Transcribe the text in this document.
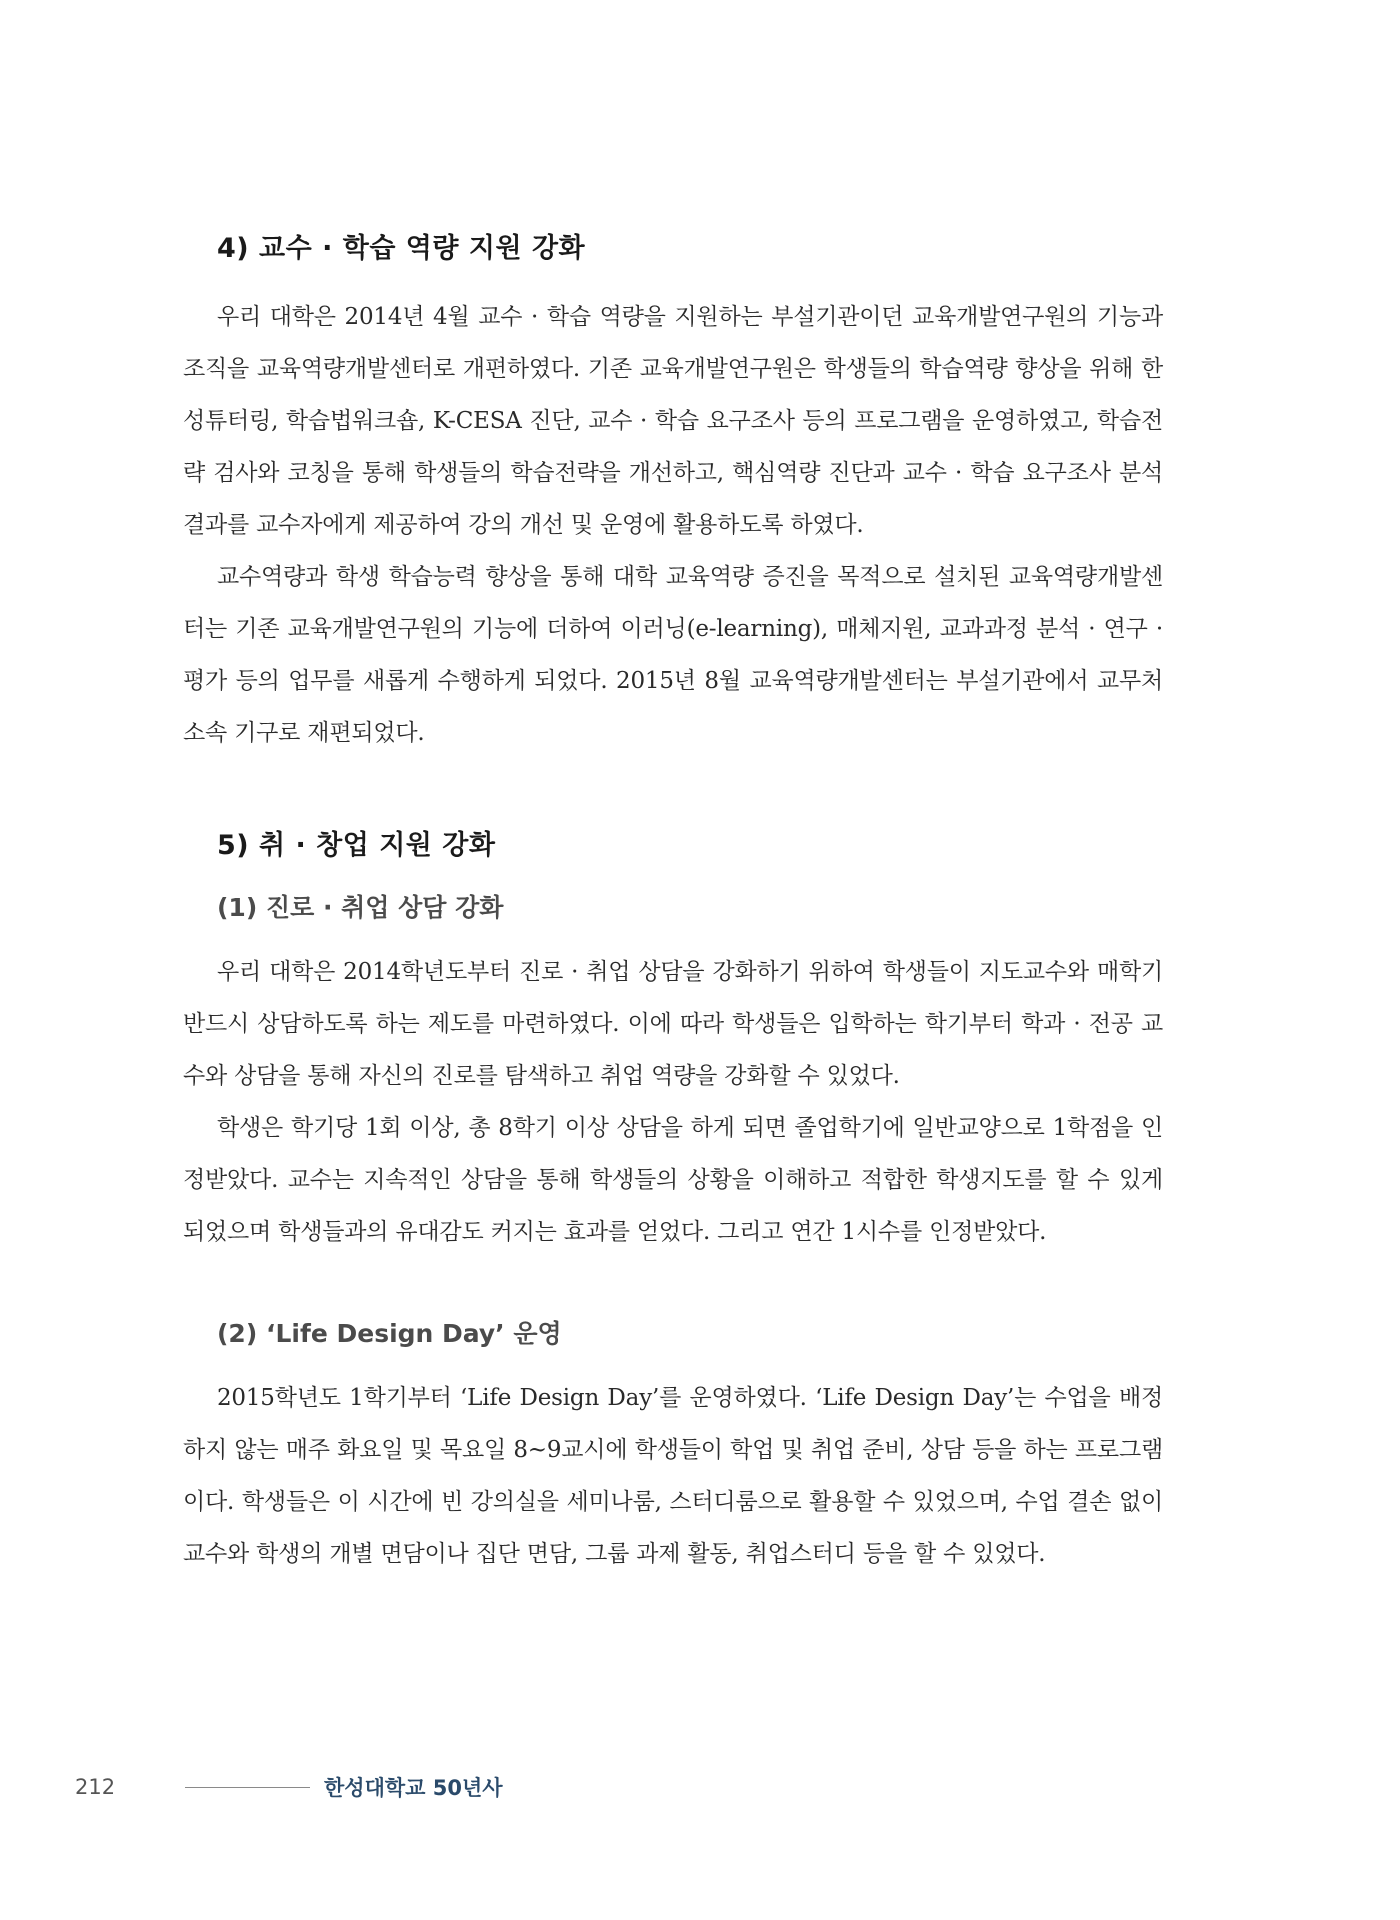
4) 교수 · 학습 역량 지원 강화

우리 대학은 2014년 4월 교수 · 학습 역량을 지원하는 부설기관이던 교육개발연구원의 기능과 조직을 교육역량개발센터로 개편하였다. 기존 교육개발연구원은 학생들의 학습역량 향상을 위해 한성튜터링, 학습법워크숍, K-CESA 진단, 교수 · 학습 요구조사 등의 프로그램을 운영하였고, 학습전략 검사와 코칭을 통해 학생들의 학습전략을 개선하고, 핵심역량 진단과 교수 · 학습 요구조사 분석 결과를 교수자에게 제공하여 강의 개선 및 운영에 활용하도록 하였다.

교수역량과 학생 학습능력 향상을 통해 대학 교육역량 증진을 목적으로 설치된 교육역량개발센터는 기존 교육개발연구원의 기능에 더하여 이러닝(e-learning), 매체지원, 교과과정 분석 · 연구 · 평가 등의 업무를 새롭게 수행하게 되었다. 2015년 8월 교육역량개발센터는 부설기관에서 교무처 소속 기구로 재편되었다.

5) 취 · 창업 지원 강화
(1) 진로 · 취업 상담 강화

우리 대학은 2014학년도부터 진로 · 취업 상담을 강화하기 위하여 학생들이 지도교수와 매학기 반드시 상담하도록 하는 제도를 마련하였다. 이에 따라 학생들은 입학하는 학기부터 학과 · 전공 교수와 상담을 통해 자신의 진로를 탐색하고 취업 역량을 강화할 수 있었다.

학생은 학기당 1회 이상, 총 8학기 이상 상담을 하게 되면 졸업학기에 일반교양으로 1학점을 인정받았다. 교수는 지속적인 상담을 통해 학생들의 상황을 이해하고 적합한 학생지도를 할 수 있게 되었으며 학생들과의 유대감도 커지는 효과를 얻었다. 그리고 연간 1시수를 인정받았다.

(2) ‘Life Design Day’ 운영

2015학년도 1학기부터 ‘Life Design Day’를 운영하였다. ‘Life Design Day’는 수업을 배정하지 않는 매주 화요일 및 목요일 8~9교시에 학생들이 학업 및 취업 준비, 상담 등을 하는 프로그램이다. 학생들은 이 시간에 빈 강의실을 세미나룸, 스터디룸으로 활용할 수 있었으며, 수업 결손 없이 교수와 학생의 개별 면담이나 집단 면담, 그룹 과제 활동, 취업스터디 등을 할 수 있었다.

212	한성대학교 50년사
